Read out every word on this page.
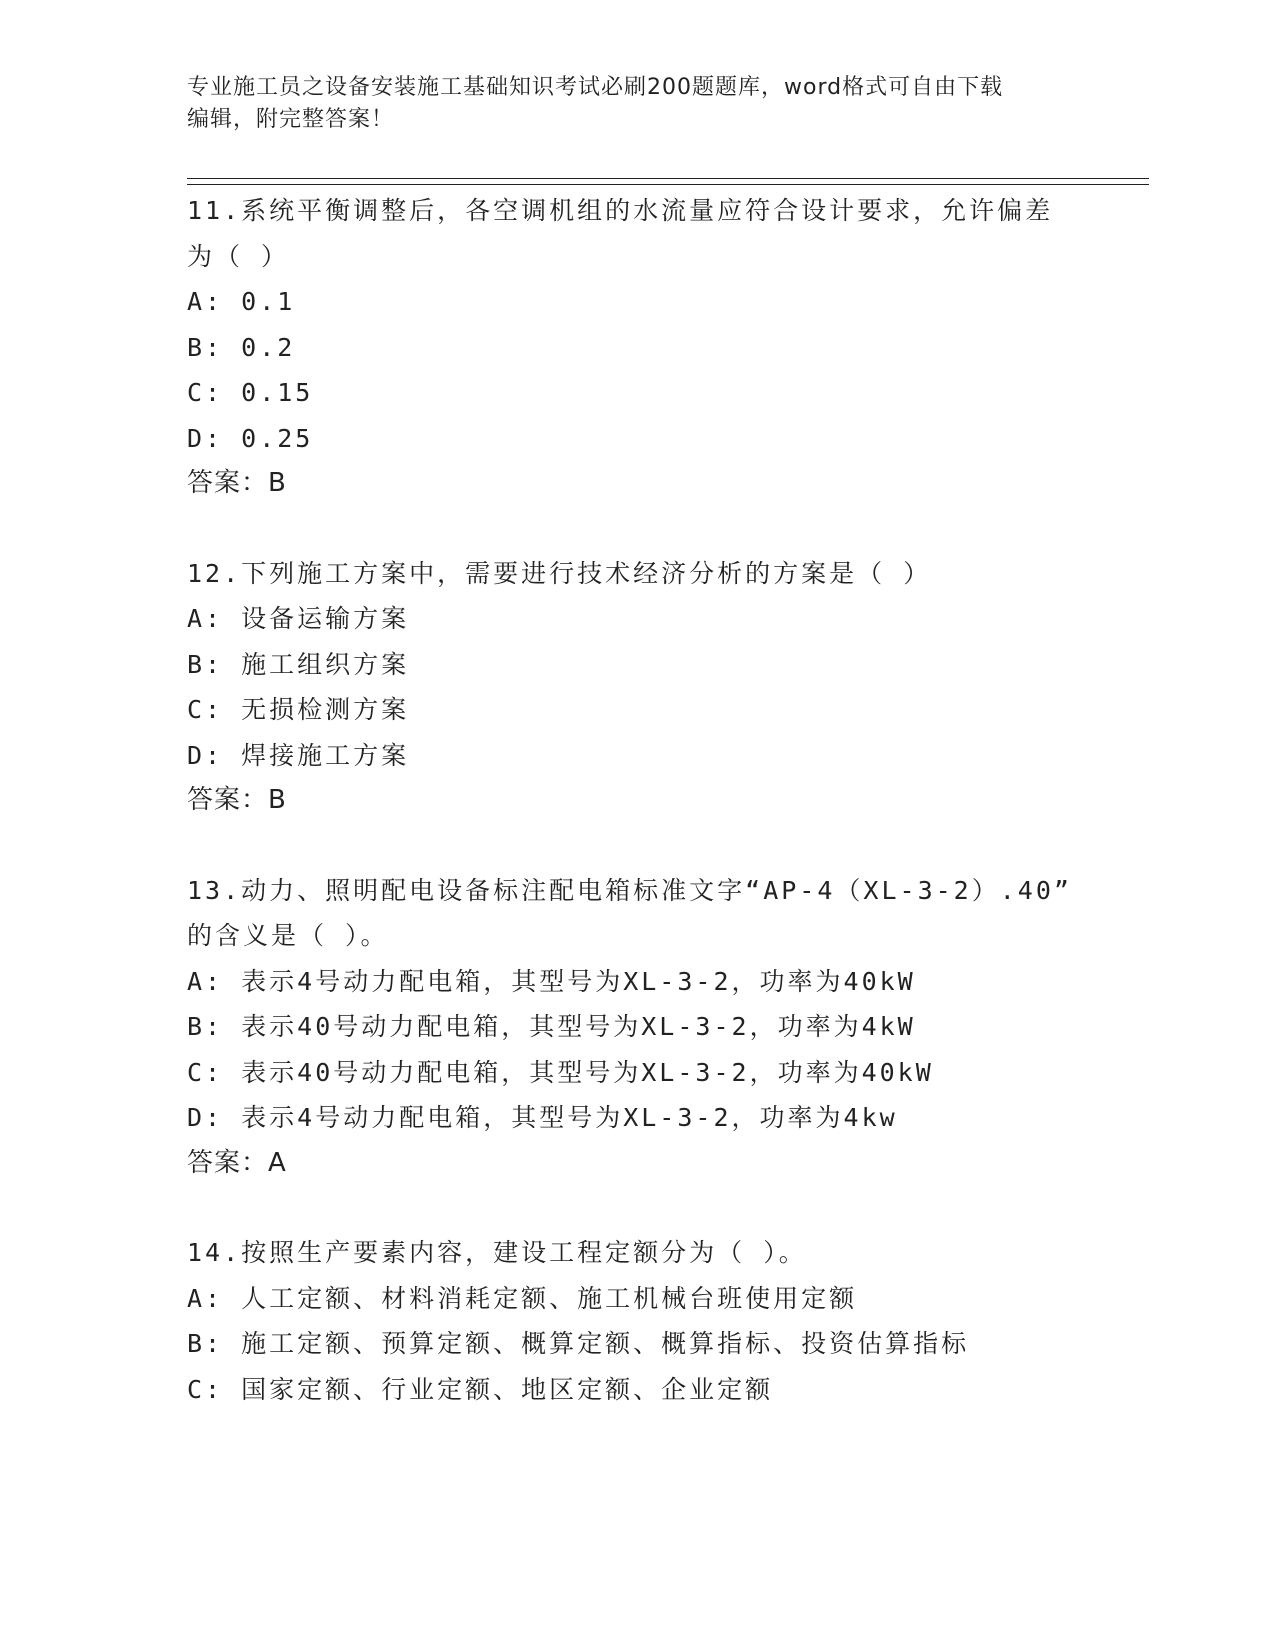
专业施工员之设备安装施工基础知识考试必刷200题题库，word格式可自由下载
编辑，附完整答案！
11.系统平衡调整后，各空调机组的水流量应符合设计要求，允许偏差
为（ ）
A: 0.1
B: 0.2
C: 0.15
D: 0.25
答案：B
12.下列施工方案中，需要进行技术经济分析的方案是（ ）
A: 设备运输方案
B: 施工组织方案
C: 无损检测方案
D: 焊接施工方案
答案：B
13.动力、照明配电设备标注配电箱标准文字“AP-4（XL-3-2）.40”
的含义是（ ）。
A: 表示4号动力配电箱，其型号为XL-3-2，功率为40kW
B: 表示40号动力配电箱，其型号为XL-3-2，功率为4kW
C: 表示40号动力配电箱，其型号为XL-3-2，功率为40kW
D: 表示4号动力配电箱，其型号为XL-3-2，功率为4kw
答案：A
14.按照生产要素内容，建设工程定额分为（ ）。
A: 人工定额、材料消耗定额、施工机械台班使用定额
B: 施工定额、预算定额、概算定额、概算指标、投资估算指标
C: 国家定额、行业定额、地区定额、企业定额
